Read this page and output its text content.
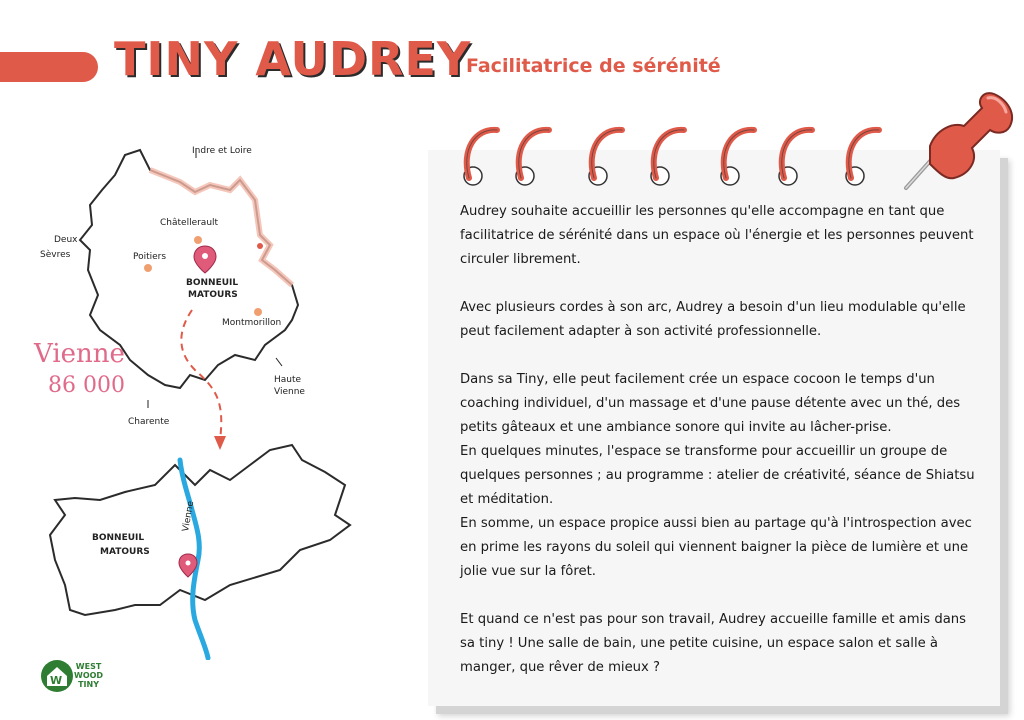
TINY AUDREY
Facilitatrice de sérénité
Indre et Loire
Deux
Sèvres
Châtellerault
Poitiers
BONNEUIL
MATOURS
Montmorillon
Haute
Vienne
Charente
Vienne
86 000
Vienne
BONNEUIL
MATOURS
W
WEST
WOOD
TINY

Audrey souhaite accueillir les personnes qu'elle accompagne en tant que facilitatrice de sérénité dans un espace où l'énergie et les personnes peuvent circuler librement.

Avec plusieurs cordes à son arc, Audrey a besoin d'un lieu modulable qu'elle peut facilement adapter à son activité professionnelle.

Dans sa Tiny, elle peut facilement crée un espace cocoon le temps d'un coaching individuel, d'un massage et d'une pause détente avec un thé, des petits gâteaux et une ambiance sonore qui invite au lâcher-prise.

En quelques minutes, l'espace se transforme pour accueillir un groupe de quelques personnes ; au programme : atelier de créativité, séance de Shiatsu et méditation.

En somme, un espace propice aussi bien au partage qu'à l'introspection avec en prime les rayons du soleil qui viennent baigner la pièce de lumière et une jolie vue sur la fôret.

Et quand ce n'est pas pour son travail, Audrey accueille famille et amis dans sa tiny ! Une salle de bain, une petite cuisine, un espace salon et salle à manger, que rêver de mieux ?
